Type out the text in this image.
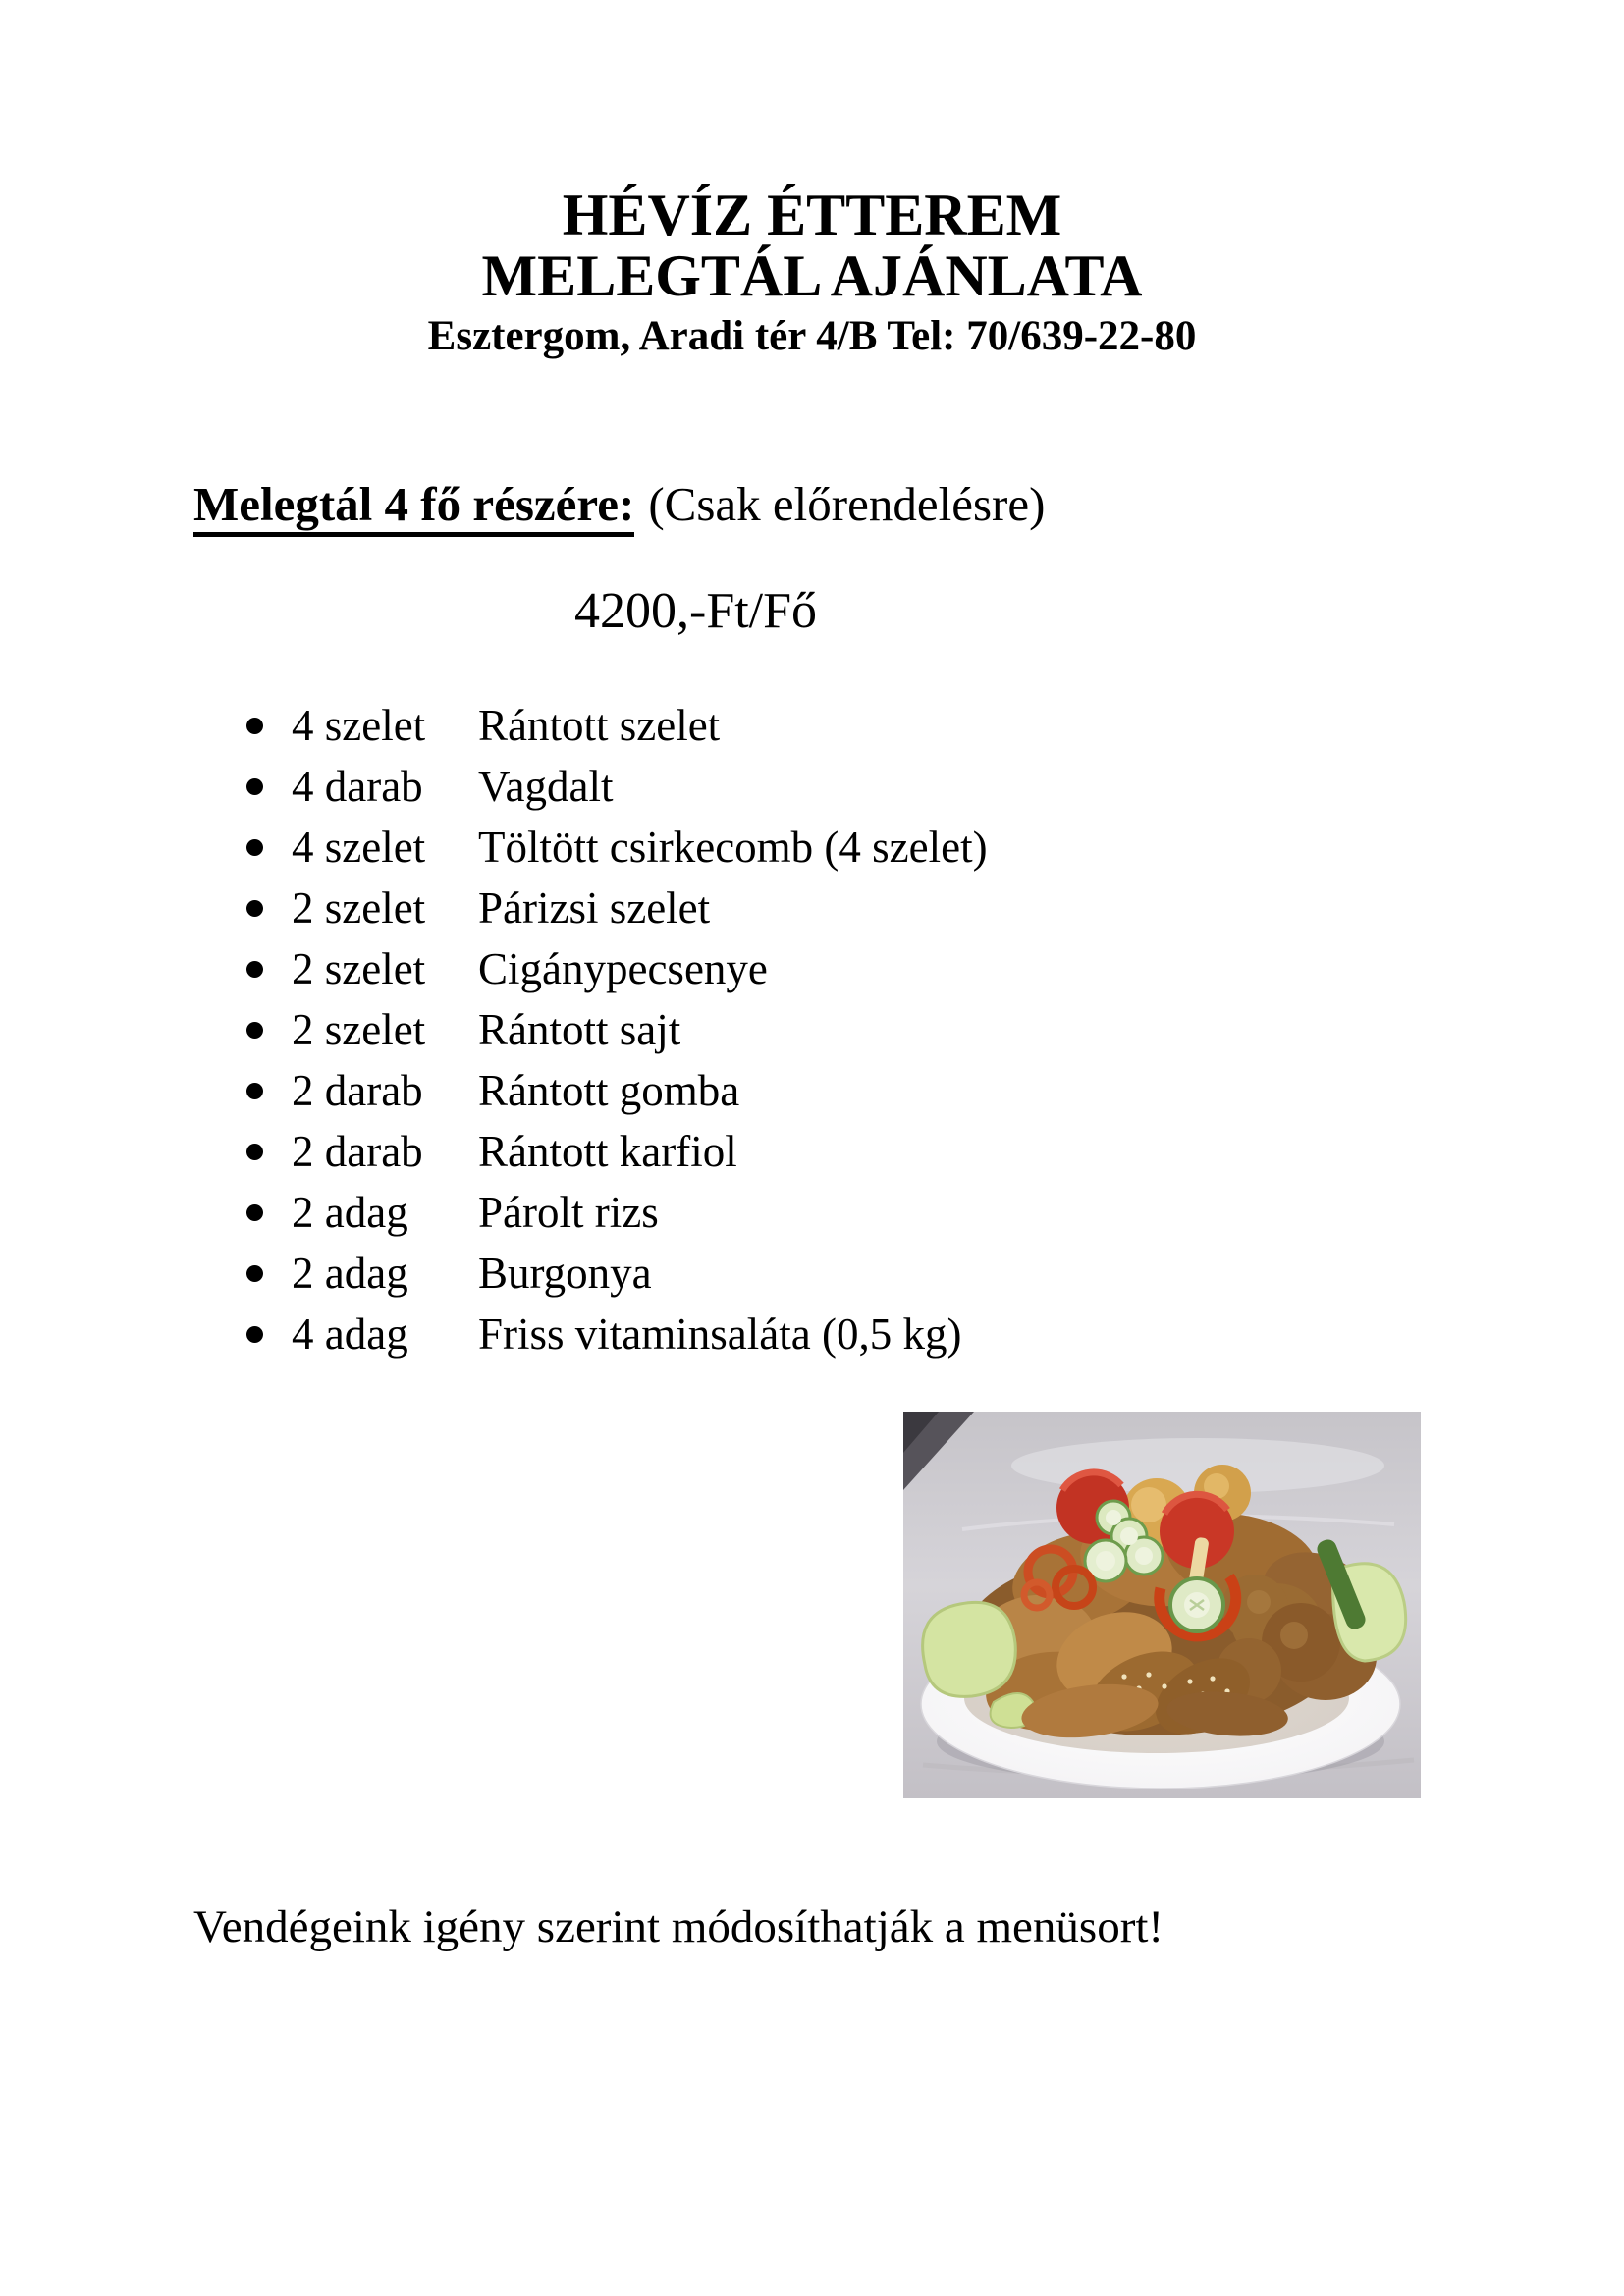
HÉVÍZ ÉTTEREM
MELEGTÁL AJÁNLATA

Esztergom, Aradi tér 4/B Tel: 70/639-22-80

Melegtál 4 fő részére: (Csak előrendelésre)

4200,-Ft/Fő

4 szelet Rántott szelet
4 darab Vagdalt
4 szelet Töltött csirkecomb (4 szelet)
2 szelet Párizsi szelet
2 szelet Cigánypecsenye
2 szelet Rántott sajt
2 darab Rántott gomba
2 darab Rántott karfiol
2 adag Párolt rizs
2 adag Burgonya
4 adag Friss vitaminsaláta (0,5 kg)

Vendégeink igény szerint módosíthatják a menüsort!
